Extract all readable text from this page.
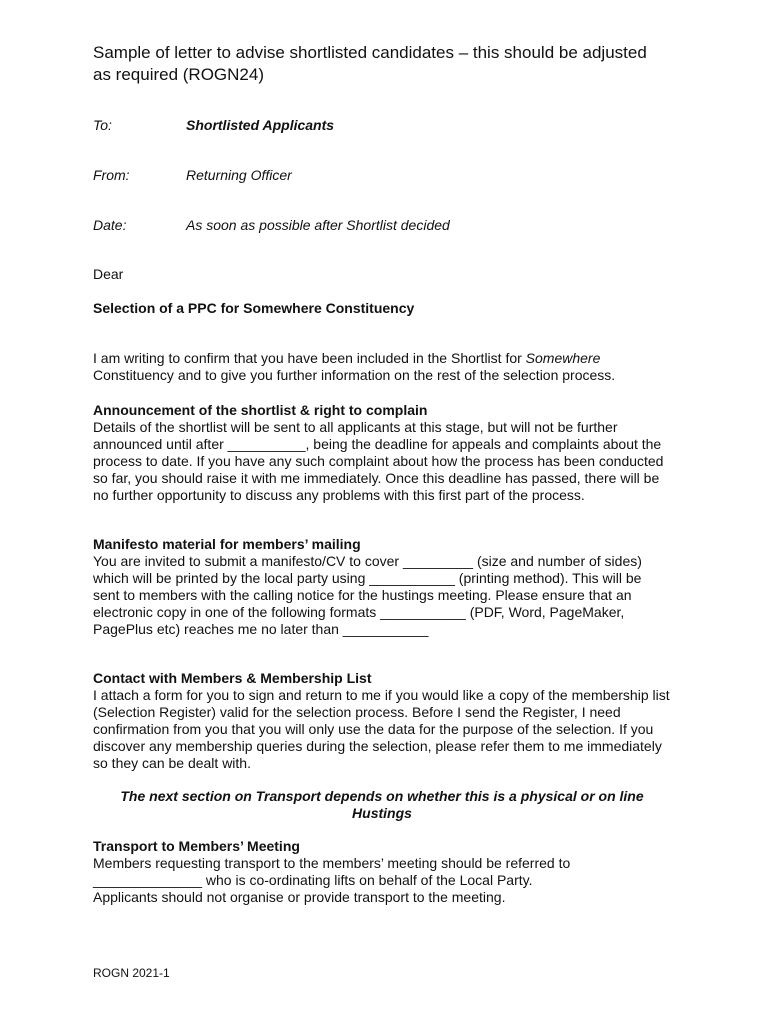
Sample of letter to advise shortlisted candidates – this should be adjusted as required (ROGN24)
To:	Shortlisted Applicants
From:	Returning Officer
Date:	As soon as possible after Shortlist decided

Dear

Selection of a PPC for Somewhere Constituency

I am writing to confirm that you have been included in the Shortlist for Somewhere Constituency and to give you further information on the rest of the selection process.

Announcement of the shortlist & right to complain
Details of the shortlist will be sent to all applicants at this stage, but will not be further announced until after __________, being the deadline for appeals and complaints about the process to date. If you have any such complaint about how the process has been conducted so far, you should raise it with me immediately. Once this deadline has passed, there will be no further opportunity to discuss any problems with this first part of the process.
Manifesto material for members’ mailing
You are invited to submit a manifesto/CV to cover _________ (size and number of sides) which will be printed by the local party using ___________ (printing method). This will be sent to members with the calling notice for the hustings meeting. Please ensure that an electronic copy in one of the following formats ___________ (PDF, Word, PageMaker, PagePlus etc) reaches me no later than ___________
Contact with Members & Membership List
I attach a form for you to sign and return to me if you would like a copy of the membership list (Selection Register) valid for the selection process. Before I send the Register, I need confirmation from you that you will only use the data for the purpose of the selection. If you discover any membership queries during the selection, please refer them to me immediately so they can be dealt with.

The next section on Transport depends on whether this is a physical or on line Hustings

Transport to Members’ Meeting
Members requesting transport to the members’ meeting should be referred to
______________ who is co-ordinating lifts on behalf of the Local Party.
Applicants should not organise or provide transport to the meeting.
ROGN 2021-1
